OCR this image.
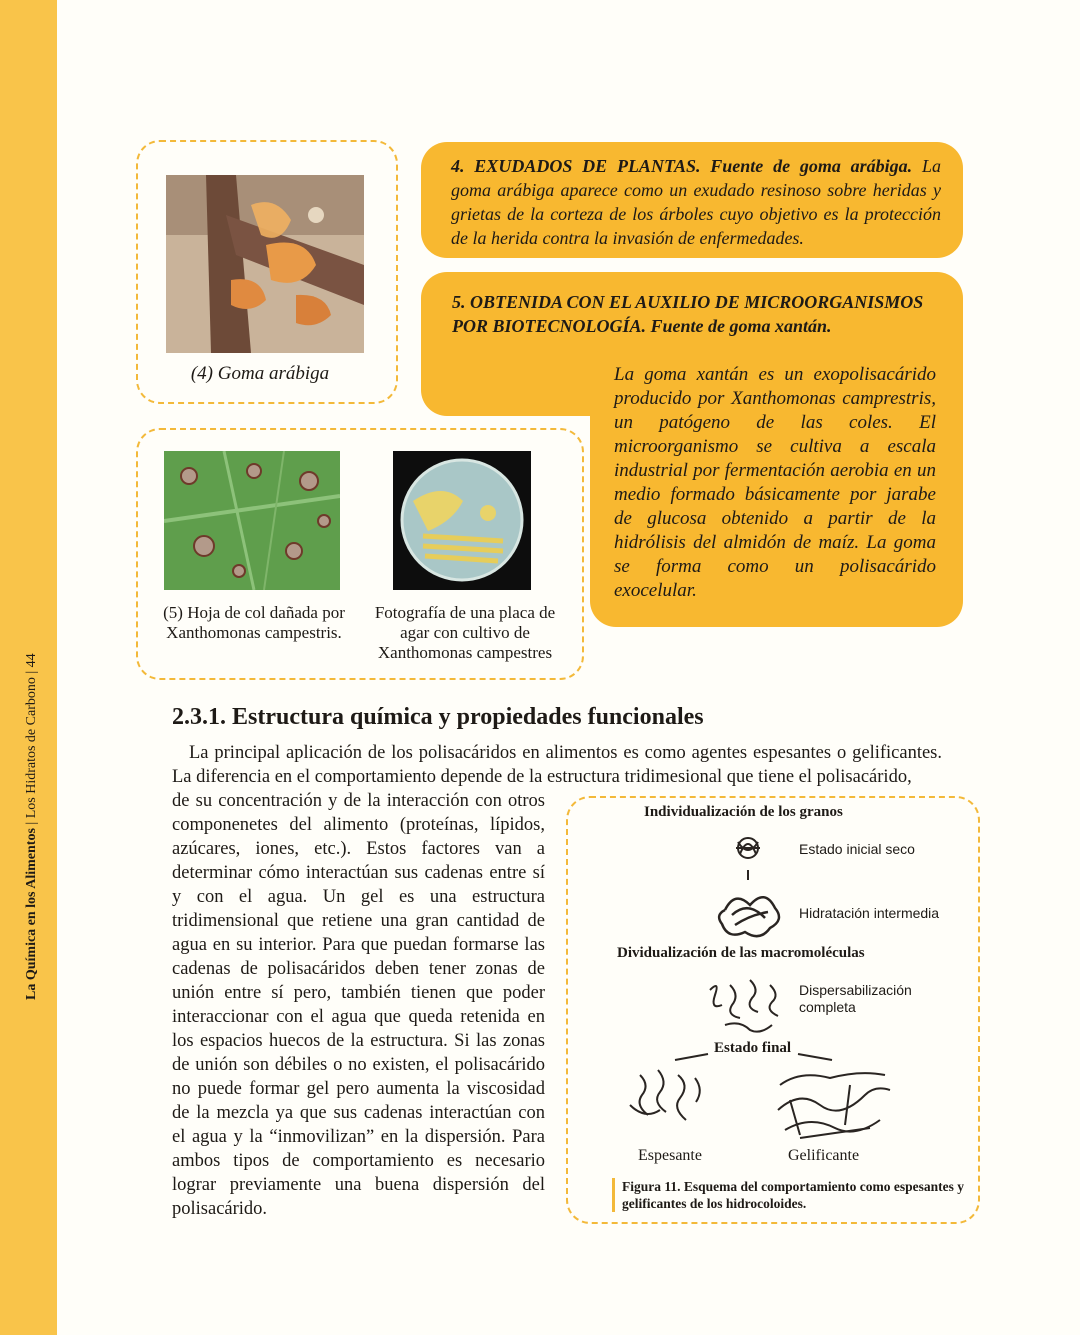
La Química en los Alimentos | Los Hidratos de Carbono | 44
(4) Goma arábiga
(5) Hoja de col dañada por Xanthomonas campestris.
Fotografía de una placa de agar con cultivo de Xanthomonas campestres
4. EXUDADOS DE PLANTAS. Fuente de goma arábiga. La goma arábiga aparece como un exudado resinoso sobre heridas y grietas de la corteza de los árboles cuyo objetivo es la protección de la herida contra la invasión de enfermedades.
5. OBTENIDA CON EL AUXILIO DE MICROORGANISMOS POR BIOTECNOLOGÍA. Fuente de goma xantán.
La goma xantán es un exopolisacárido producido por Xanthomonas camprestris, un patógeno de las coles. El microorganismo se cultiva a escala industrial por fermentación aerobia en un medio formado básicamente por jarabe de glucosa obtenido a partir de la hidrólisis del almidón de maíz. La goma se forma como un polisacárido exocelular.
2.3.1. Estructura química y propiedades funcionales

La principal aplicación de los polisacáridos en alimentos es como agentes espesantes o gelificantes. La diferencia en el comportamiento depende de la estructura tridimesional que tiene el polisacárido,

de su concentración y de la interacción con otros componenetes del alimento (proteínas, lípidos, azúcares, iones, etc.). Estos factores van a determinar cómo interactúan sus cadenas entre sí y con el agua. Un gel es una estructura tridimensional que retiene una gran cantidad de agua en su interior. Para que puedan formarse las cadenas de polisacáridos deben tener zonas de unión entre sí pero, también tienen que poder interaccionar con el agua que queda retenida en los espacios huecos de la estructura. Si las zonas de unión son débiles o no existen, el polisacárido no puede formar gel pero aumenta la viscosidad de la mezcla ya que sus cadenas interactúan con el agua y la “inmovilizan” en la dispersión. Para ambos tipos de comportamiento es necesario lograr previamente una buena dispersión del polisacárido.

Individualización de los granos
Estado inicial seco
Hidratación intermedia
Dividualización de las macromoléculas
Dispersabilización
completa
Estado final
Espesante	Gelificante
Figura 11. Esquema del comportamiento como espesantes y gelificantes de los hidrocoloides.
